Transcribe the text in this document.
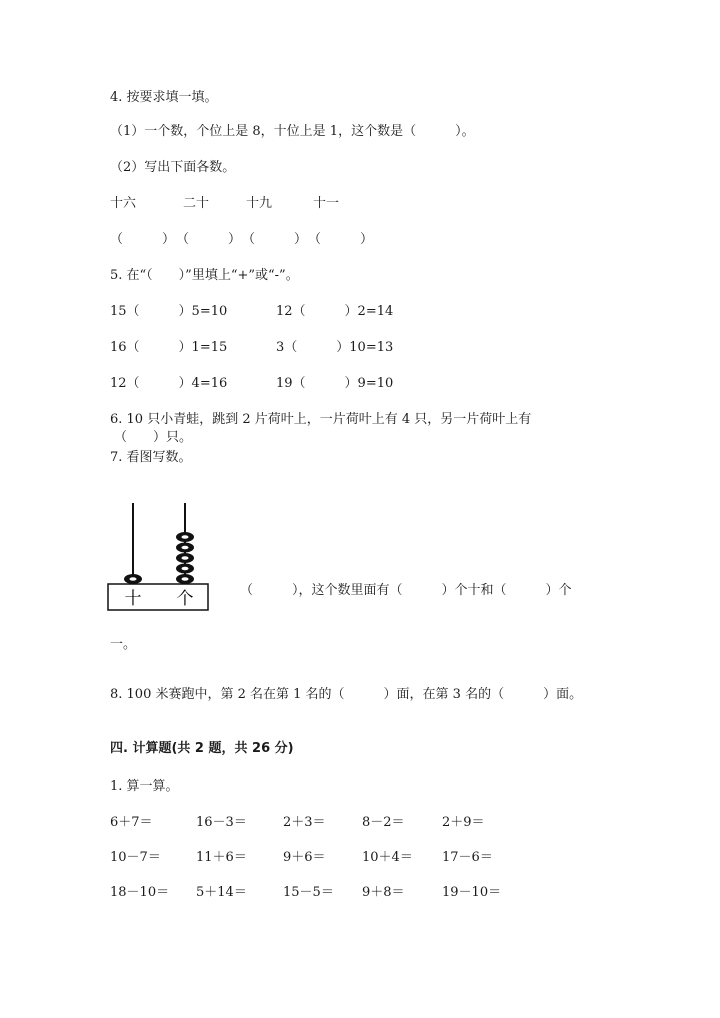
4. 按要求填一填。
（1）一个数，个位上是 8，十位上是 1，这个数是（　　　）。
（2）写出下面各数。
十六	二十	十九	十一
（　　　） （　　　） （　　　） （　　　）
5. 在“（　　）”里填上“+”或“-”。
15（　　　）5=10	12（　　　）2=14
16（　　　）1=15	3（　　　）10=13
12（　　　）4=16	19（　　　）9=10
6. 10 只小青蛙，跳到 2 片荷叶上，一片荷叶上有 4 只，另一片荷叶上有
（　　）只。
7. 看图写数。
十 个	（　　　），这个数里面有（　　　）个十和（　　　）个
一。
8. 100 米赛跑中，第 2 名在第 1 名的（　　　）面，在第 3 名的（　　　）面。
四. 计算题(共 2 题，共 26 分)
1. 算一算。
6＋7＝	16－3＝	2＋3＝	8－2＝	2＋9＝
10－7＝	11＋6＝	9＋6＝	10＋4＝ 17－6＝
18－10＝ 5＋14＝	15－5＝ 9＋8＝	19－10＝
